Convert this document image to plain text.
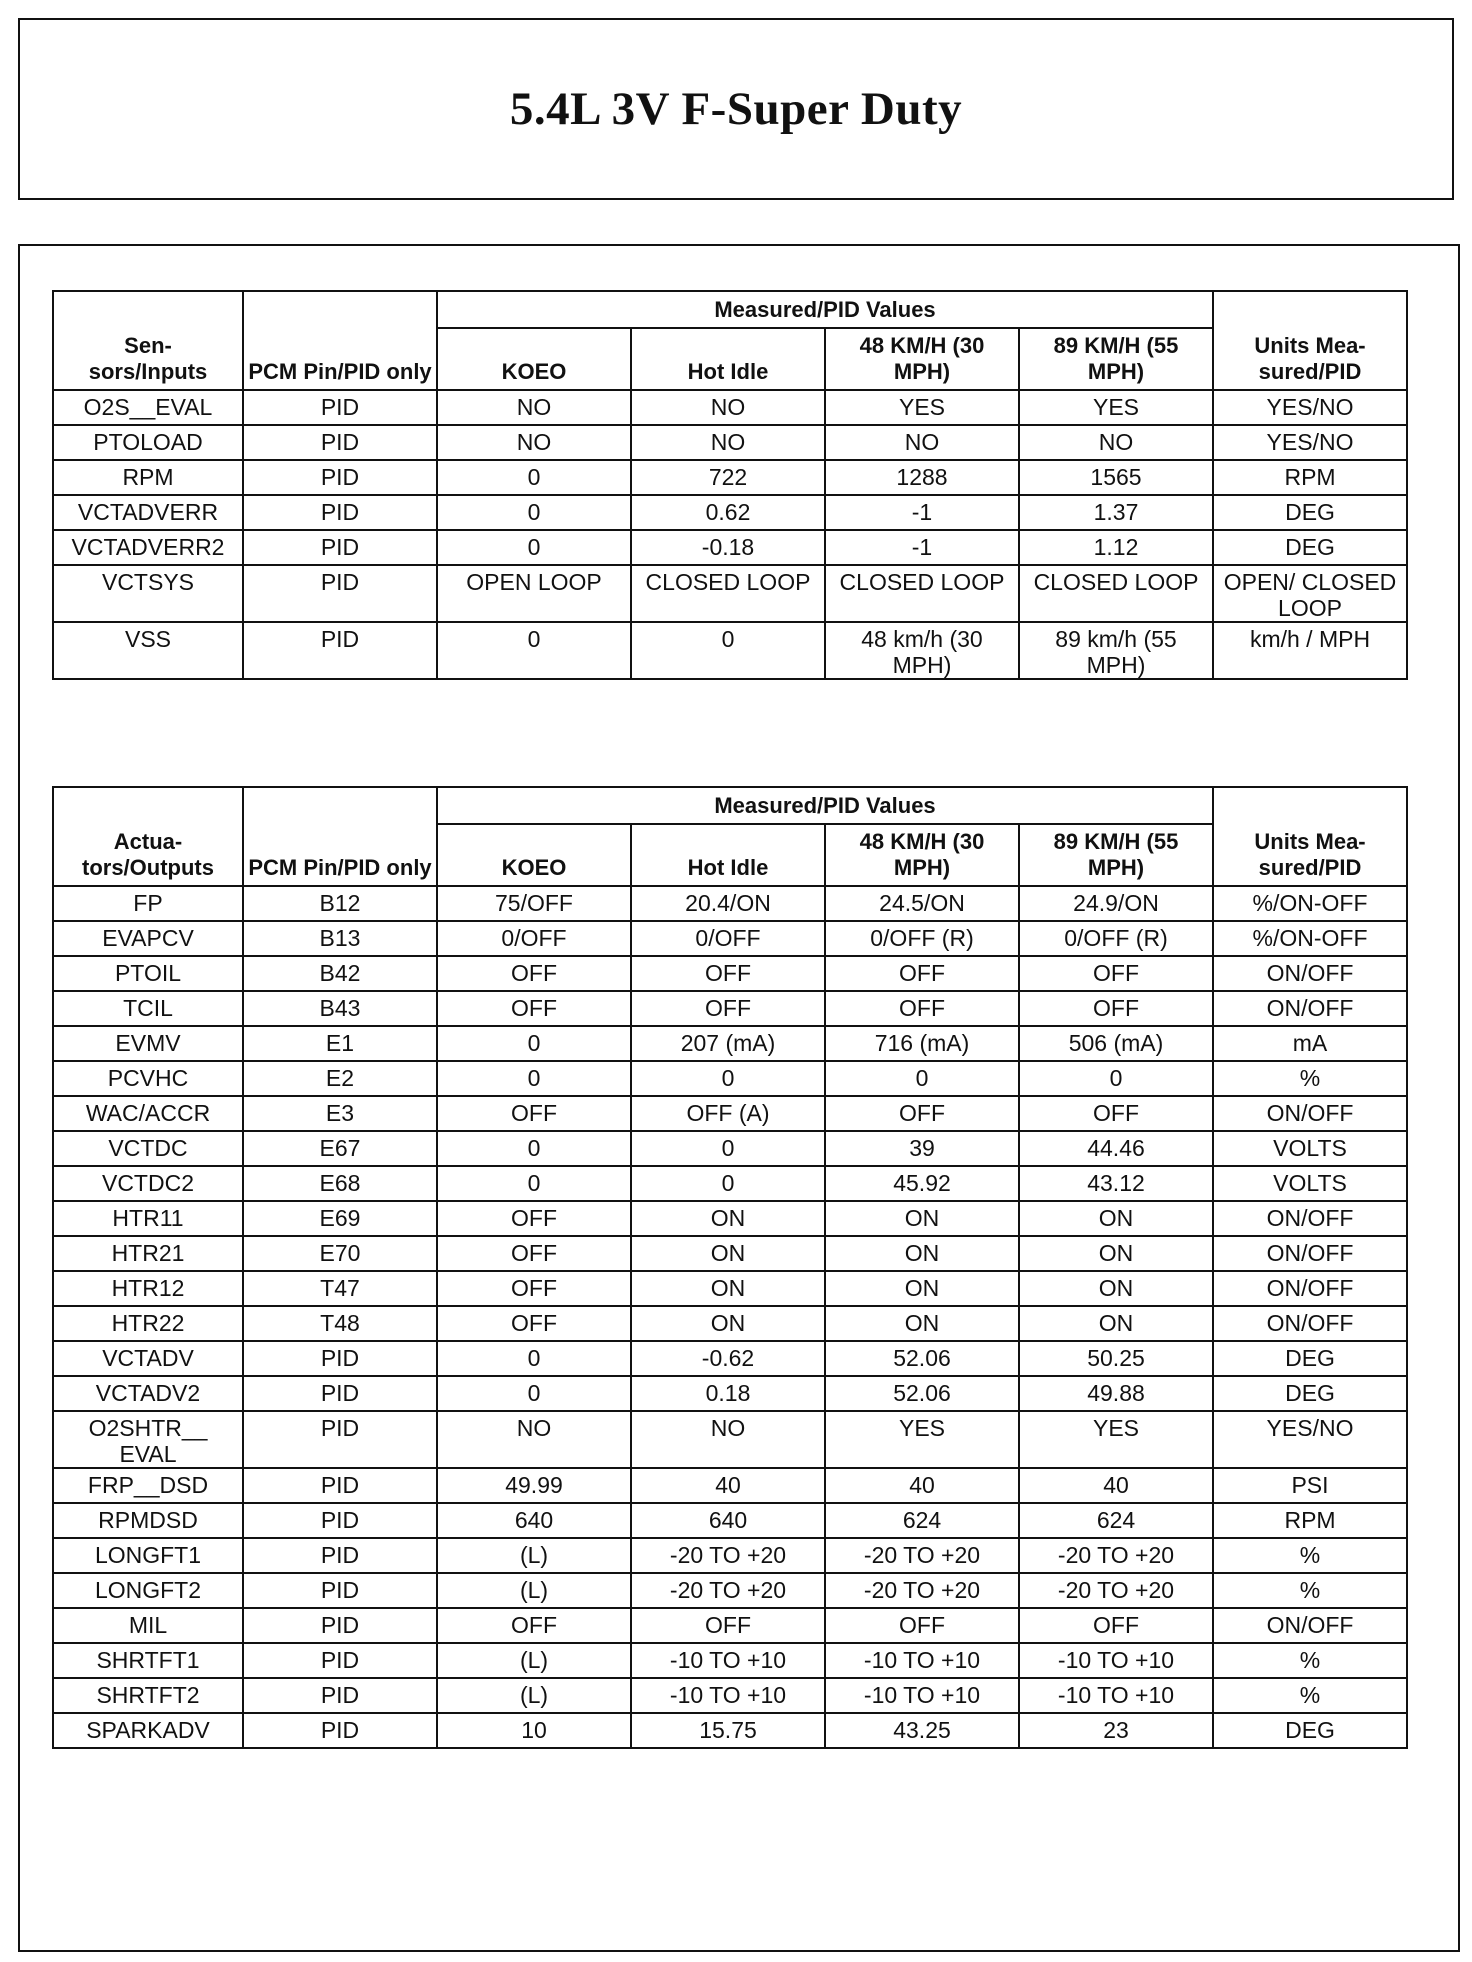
5.4L 3V F-Super Duty
Sen-
sors/Inputs	PCM Pin/PID only	Measured/PID Values				Units Mea-
sured/PID
		KOEO	Hot Idle	48 KM/H (30 MPH)	89 KM/H (55 MPH)	
O2S__EVAL	PID	NO	NO	YES	YES	YES/NO
PTOLOAD	PID	NO	NO	NO	NO	YES/NO
RPM	PID	0	722	1288	1565	RPM
VCTADVERR	PID	0	0.62	-1	1.37	DEG
VCTADVERR2	PID	0	-0.18	-1	1.12	DEG
VCTSYS	PID	OPEN LOOP	CLOSED LOOP	CLOSED LOOP	CLOSED LOOP	OPEN/ CLOSED LOOP
VSS	PID	0	0	48 km/h (30 MPH)	89 km/h (55 MPH)	km/h / MPH
Actua-
tors/Outputs	PCM Pin/PID only	Measured/PID Values				Units Mea-
sured/PID
		KOEO	Hot Idle	48 KM/H (30 MPH)	89 KM/H (55 MPH)	
FP	B12	75/OFF	20.4/ON	24.5/ON	24.9/ON	%/ON-OFF
EVAPCV	B13	0/OFF	0/OFF	0/OFF (R)	0/OFF (R)	%/ON-OFF
PTOIL	B42	OFF	OFF	OFF	OFF	ON/OFF
TCIL	B43	OFF	OFF	OFF	OFF	ON/OFF
EVMV	E1	0	207 (mA)	716 (mA)	506 (mA)	mA
PCVHC	E2	0	0	0	0	%
WAC/ACCR	E3	OFF	OFF (A)	OFF	OFF	ON/OFF
VCTDC	E67	0	0	39	44.46	VOLTS
VCTDC2	E68	0	0	45.92	43.12	VOLTS
HTR11	E69	OFF	ON	ON	ON	ON/OFF
HTR21	E70	OFF	ON	ON	ON	ON/OFF
HTR12	T47	OFF	ON	ON	ON	ON/OFF
HTR22	T48	OFF	ON	ON	ON	ON/OFF
VCTADV	PID	0	-0.62	52.06	50.25	DEG
VCTADV2	PID	0	0.18	52.06	49.88	DEG
O2SHTR__ EVAL	PID	NO	NO	YES	YES	YES/NO
FRP__DSD	PID	49.99	40	40	40	PSI
RPMDSD	PID	640	640	624	624	RPM
LONGFT1	PID	(L)	-20 TO +20	-20 TO +20	-20 TO +20	%
LONGFT2	PID	(L)	-20 TO +20	-20 TO +20	-20 TO +20	%
MIL	PID	OFF	OFF	OFF	OFF	ON/OFF
SHRTFT1	PID	(L)	-10 TO +10	-10 TO +10	-10 TO +10	%
SHRTFT2	PID	(L)	-10 TO +10	-10 TO +10	-10 TO +10	%
SPARKADV	PID	10	15.75	43.25	23	DEG
